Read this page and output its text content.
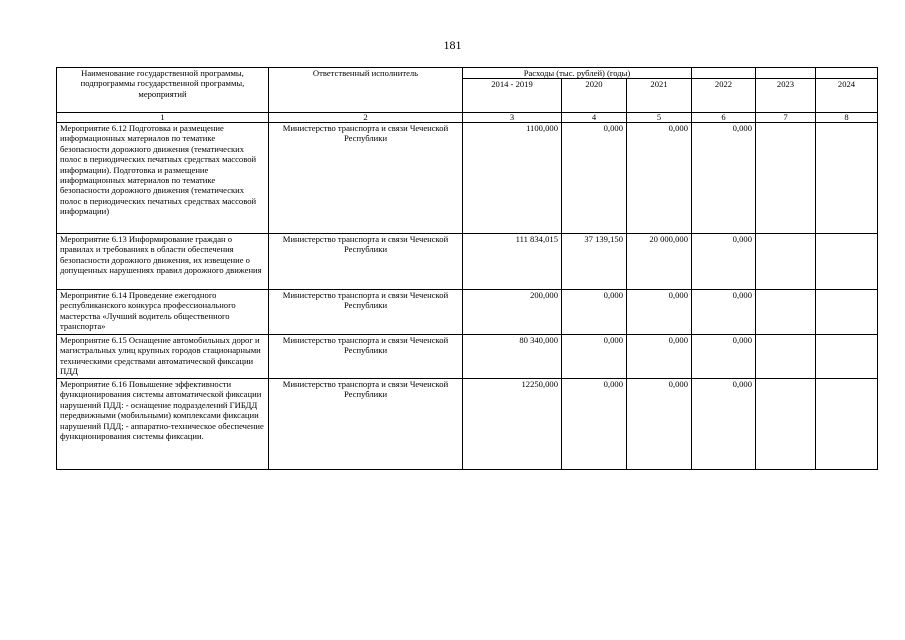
181
Наименование государственной программы, подпрограммы государственной программы, мероприятий	Ответственный исполнитель	Расходы (тыс. рублей) (годы)					
		2014 - 2019	2020	2021	2022	2023	2024
1	2	3	4	5	6	7	8
Мероприятие 6.12 Подготовка и размещение информационных материалов по тематике безопасности дорожного движения (тематических полос в периодических печатных средствах массовой информации). Подготовка и размещение информационных материалов по тематике безопасности дорожного движения (тематических полос в периодических печатных средствах массовой информации)	Министерство транспорта и связи Чеченской Республики	1100,000	0,000	0,000	0,000		
Мероприятие 6.13 Информирование граждан о правилах и требованиях в области обеспечения безопасности дорожного движения, их извещение о допущенных нарушениях правил дорожного движения	Министерство транспорта и связи Чеченской Республики	111 834,015	37 139,150	20 000,000	0,000		
Мероприятие 6.14 Проведение ежегодного республиканского конкурса профессионального мастерства «Лучший водитель общественного транспорта»	Министерство транспорта и связи Чеченской Республики	200,000	0,000	0,000	0,000		
Мероприятие 6.15 Оснащение автомобильных дорог и магистральных улиц крупных городов стационарными техническими средствами автоматической фиксации ПДД	Министерство транспорта и связи Чеченской Республики	80 340,000	0,000	0,000	0,000		
Мероприятие 6.16 Повышение эффективности функционирования системы автоматической фиксации нарушений ПДД: - оснащение подразделений ГИБДД передвижными (мобильными) комплексами фиксации нарушений ПДД; - аппаратно-техническое обеспечение функционирования системы фиксации.	Министерство транспорта и связи Чеченской Республики	12250,000	0,000	0,000	0,000		
